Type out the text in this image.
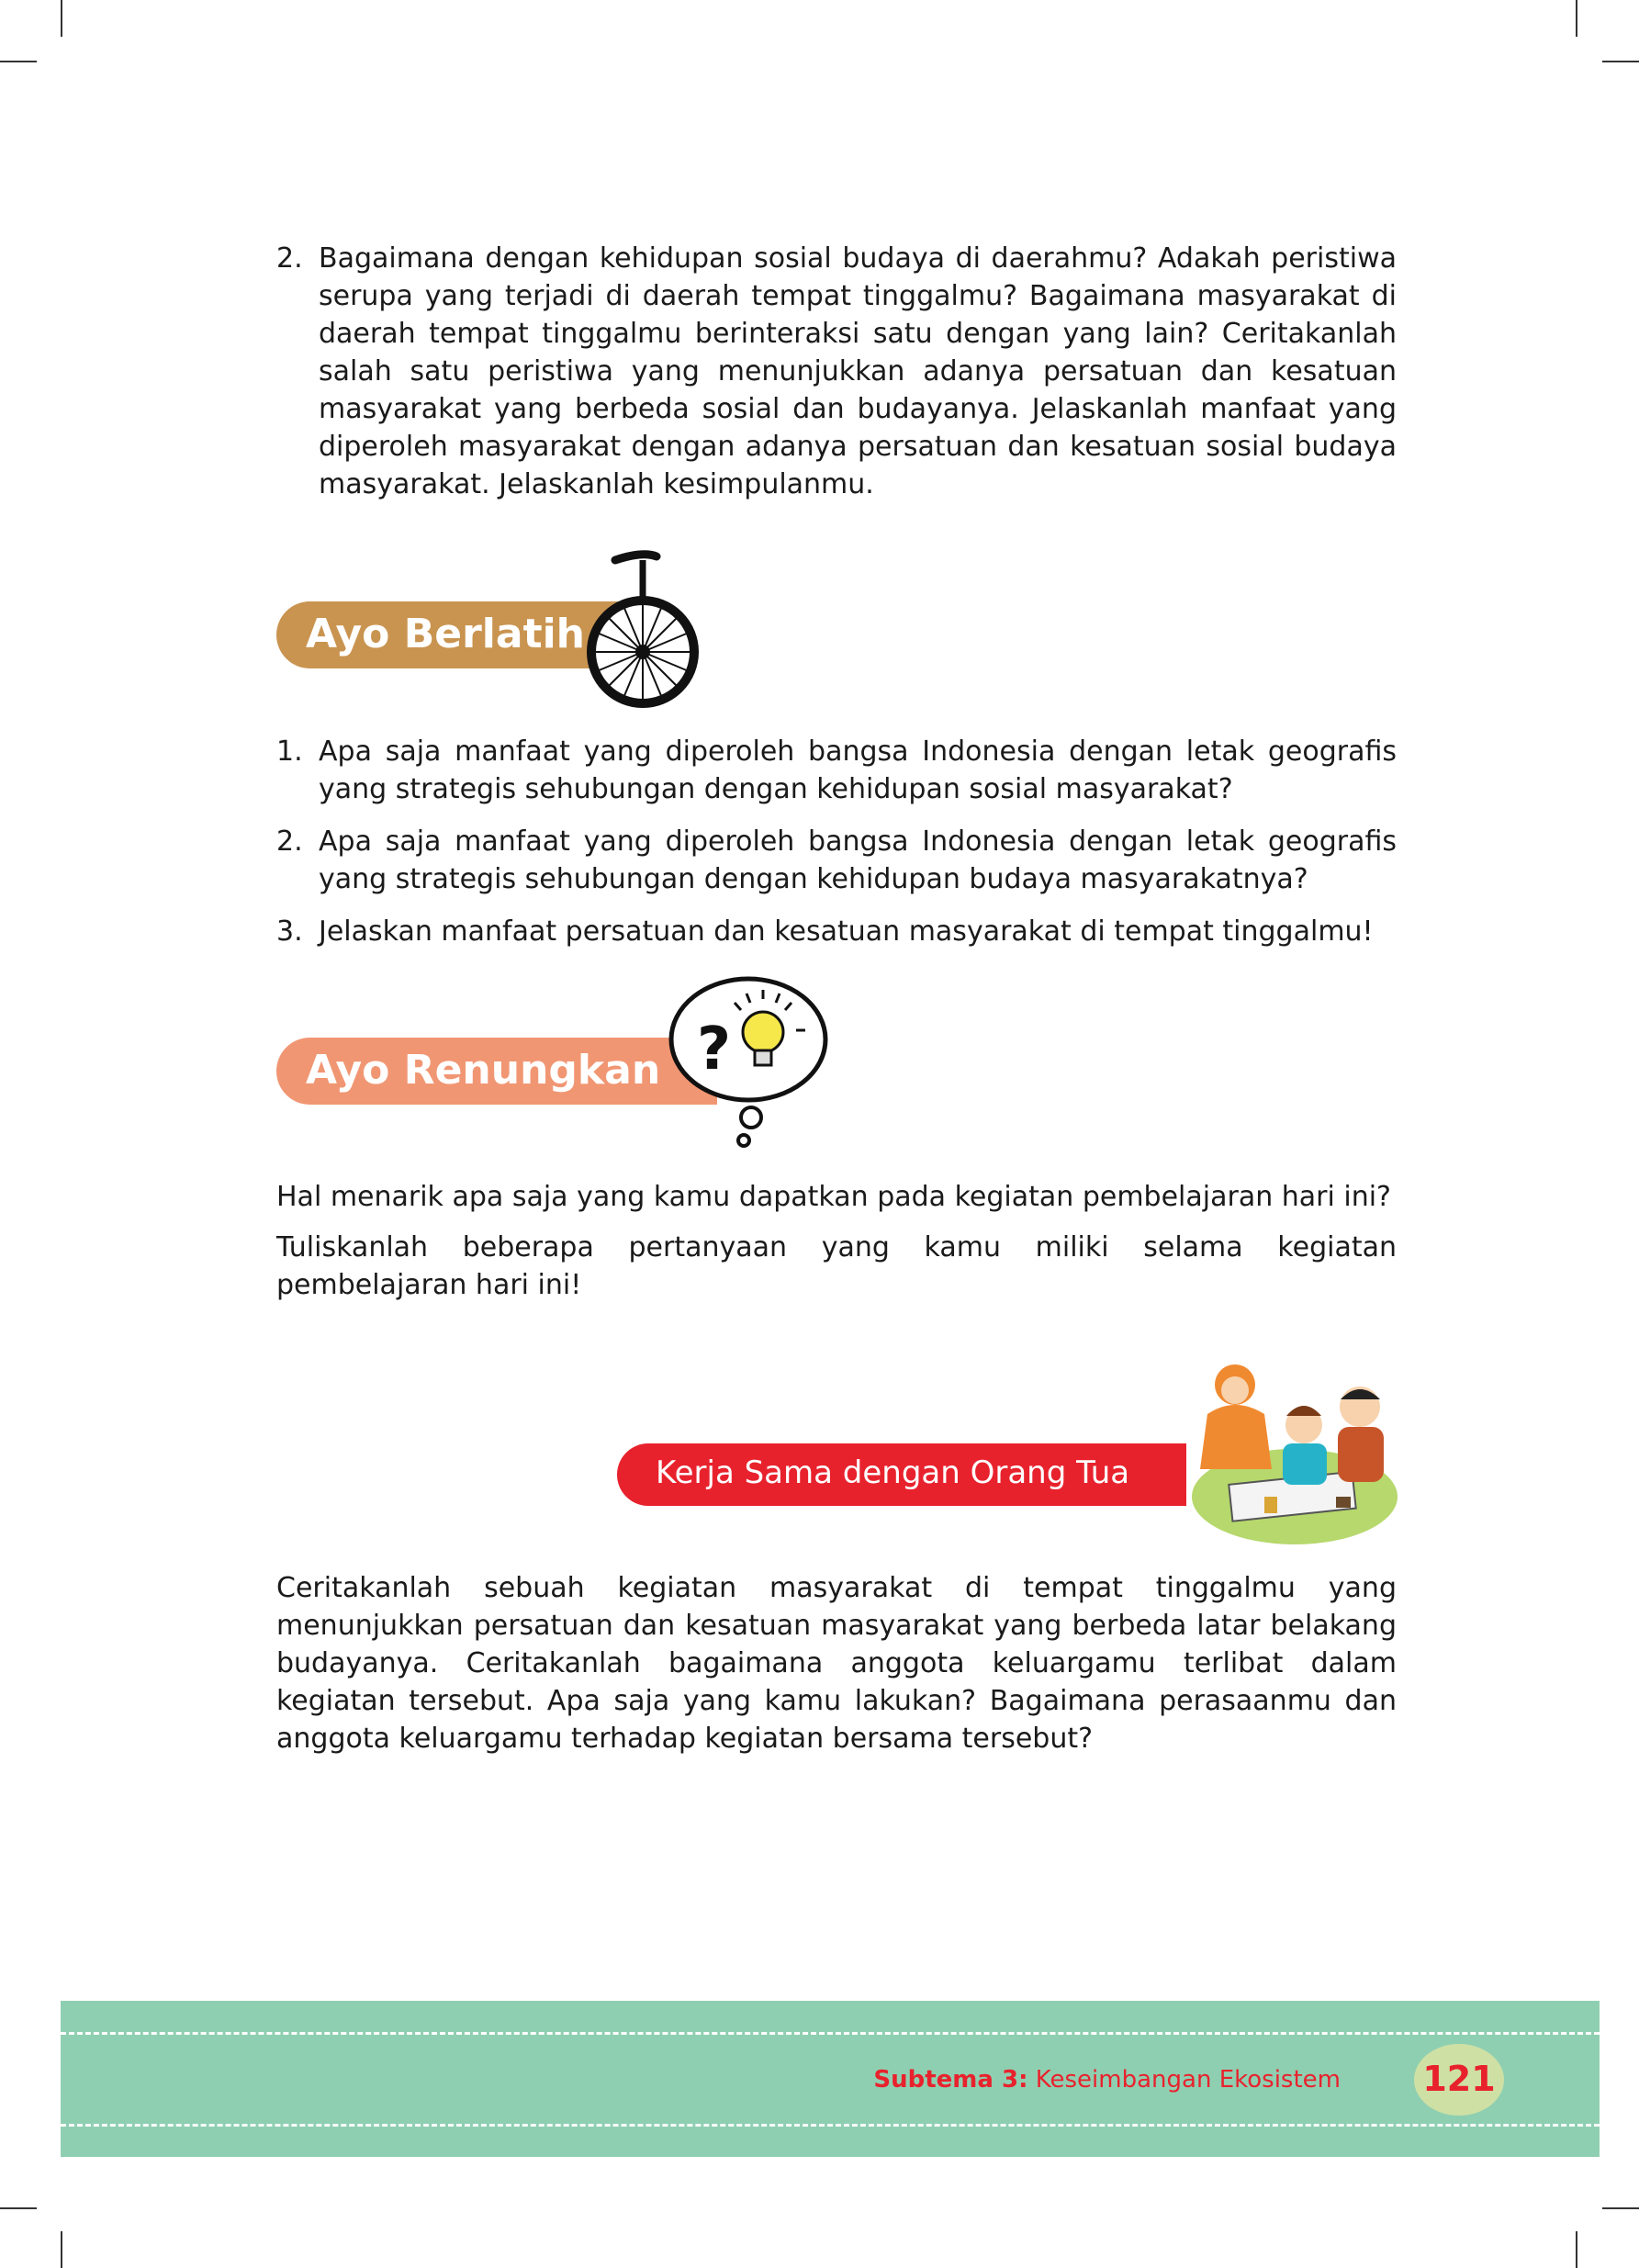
2. Bagaimana dengan kehidupan sosial budaya di daerahmu? Adakah peristiwa serupa yang terjadi di daerah tempat tinggalmu? Bagaimana masyarakat di daerah tempat tinggalmu berinteraksi satu dengan yang lain? Ceritakanlah salah satu peristiwa yang menunjukkan adanya persatuan dan kesatuan masyarakat yang berbeda sosial dan budayanya. Jelaskanlah manfaat yang diperoleh masyarakat dengan adanya persatuan dan kesatuan sosial budaya masyarakat. Jelaskanlah kesimpulanmu.

Ayo Berlatih
1. Apa saja manfaat yang diperoleh bangsa Indonesia dengan letak geografis yang strategis sehubungan dengan kehidupan sosial masyarakat?

2. Apa saja manfaat yang diperoleh bangsa Indonesia dengan letak geografis yang strategis sehubungan dengan kehidupan budaya masyarakatnya?

3. Jelaskan manfaat persatuan dan kesatuan masyarakat di tempat tinggalmu!

Ayo Renungkan ?

Hal menarik apa saja yang kamu dapatkan pada kegiatan pembelajaran hari ini?

Tuliskanlah beberapa pertanyaan yang kamu miliki selama kegiatan pembelajaran hari ini!

Kerja Sama dengan Orang Tua

Ceritakanlah sebuah kegiatan masyarakat di tempat tinggalmu yang menunjukkan persatuan dan kesatuan masyarakat yang berbeda latar belakang budayanya. Ceritakanlah bagaimana anggota keluargamu terlibat dalam kegiatan tersebut. Apa saja yang kamu lakukan? Bagaimana perasaanmu dan anggota keluargamu terhadap kegiatan bersama tersebut?

Subtema 3: Keseimbangan Ekosistem 121
